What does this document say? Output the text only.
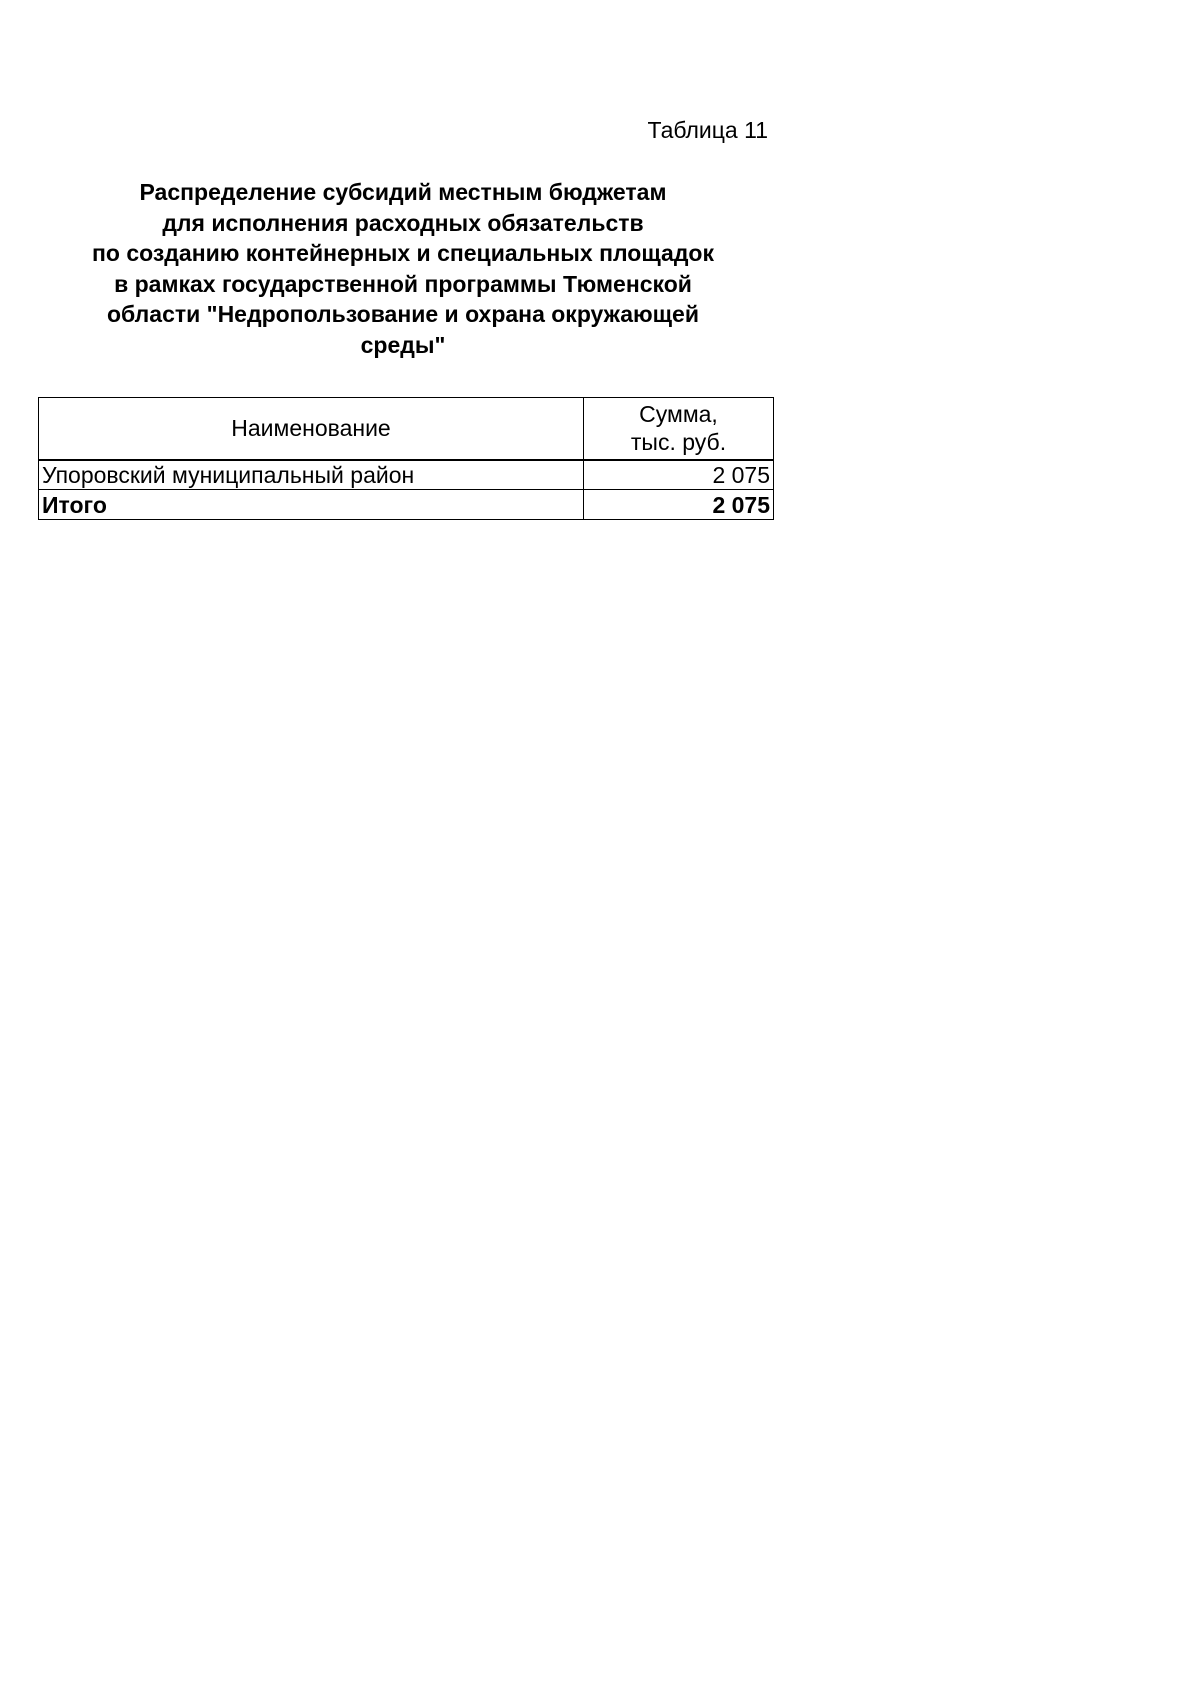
Таблица 11
Распределение субсидий местным бюджетам
для исполнения расходных обязательств
по созданию контейнерных и специальных площадок
в рамках государственной программы Тюменской
области "Недропользование и охрана окружающей
среды"
Наименование	Сумма,
тыс. руб.

Упоровский муниципальный район	2 075
Итого	2 075
